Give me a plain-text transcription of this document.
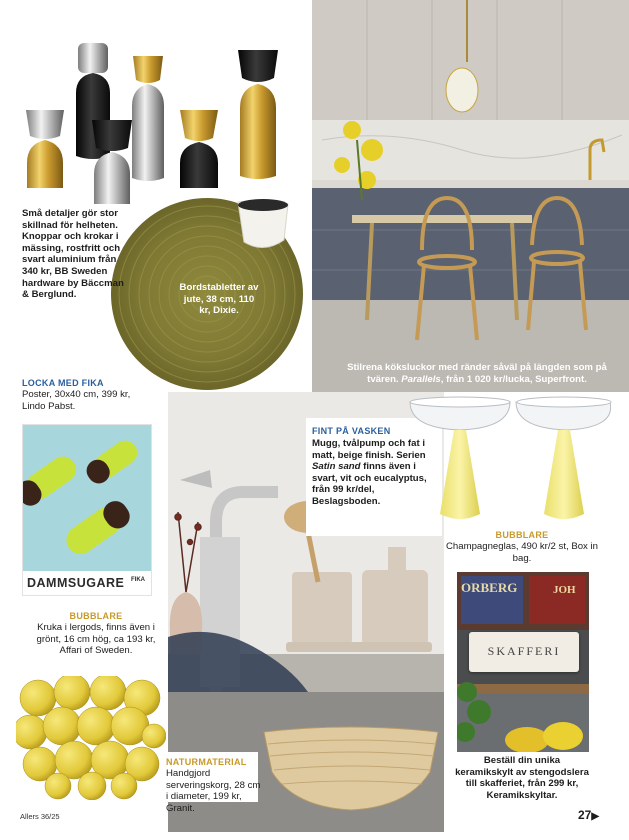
Små detaljer gör stor skillnad för helheten. Knoppar och krokar i mässing, rostfritt och svart aluminium från 340 kr, BB Sweden hardware by Bäccman & Berglund.
Bordstabletter av jute, 38 cm, 110 kr, Dixie.
Stilrena köksluckor med ränder såväl på längden som på tvären. Parallels, från 1 020 kr/lucka, Superfront.
LOCKA MED FIKA
Poster, 30x40 cm, 399 kr, Lindo Pabst.
DAMMSUGARE FIKA
FINT PÅ VASKEN
Mugg, tvålpump och fat i matt, beige finish. Serien Satin sand finns även i svart, vit och eucalyptus, från 99 kr/del, Beslagsboden.
BUBBLARE
Champagneglas, 490 kr/2 st, Box in bag.
ORBERG	JOH
SKAFFERI
Beställ din unika keramikskylt av stengodslera till skafferiet, från 299 kr, Keramikskyltar.
BUBBLARE
Kruka i lergods, finns även i grönt, 16 cm hög, ca 193 kr, Affari of Sweden.
NATURMATERIAL
Handgjord serveringskorg, 28 cm i diameter, 199 kr, Granit.
Allers 36/25	27▶
